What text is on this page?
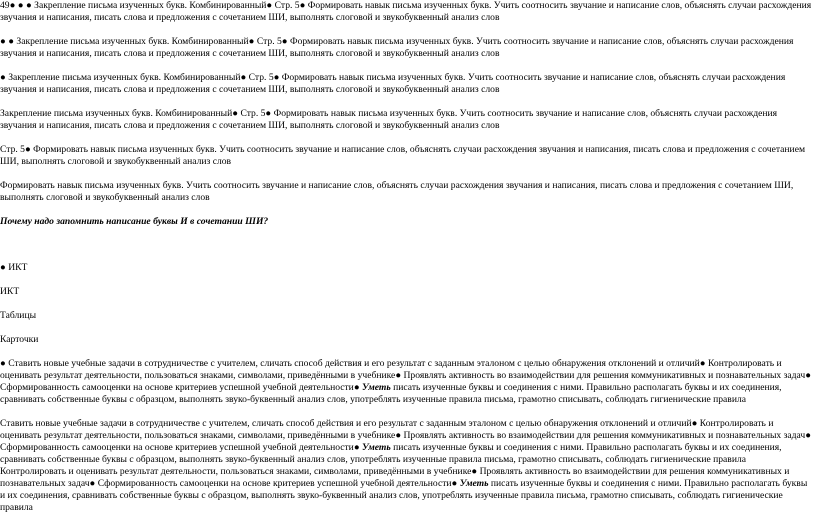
49● ● ● Закрепление письма изученных букв. Комбинированный● Стр. 5● Формировать навык письма изученных букв. Учить соотносить звучание и написание слов, объяснять случаи расхождения звучания и написания, писать слова и предложения с сочетанием ШИ, выполнять слоговой и звукобуквенный анализ слов

● ● Закрепление письма изученных букв. Комбинированный● Стр. 5● Формировать навык письма изученных букв. Учить соотносить звучание и написание слов, объяснять случаи расхождения звучания и написания, писать слова и предложения с сочетанием ШИ, выполнять слоговой и звукобуквенный анализ слов

● Закрепление письма изученных букв. Комбинированный● Стр. 5● Формировать навык письма изученных букв. Учить соотносить звучание и написание слов, объяснять случаи расхождения звучания и написания, писать слова и предложения с сочетанием ШИ, выполнять слоговой и звукобуквенный анализ слов

Закрепление письма изученных букв. Комбинированный● Стр. 5● Формировать навык письма изученных букв. Учить соотносить звучание и написание слов, объяснять случаи расхождения звучания и написания, писать слова и предложения с сочетанием ШИ, выполнять слоговой и звукобуквенный анализ слов

Стр. 5● Формировать навык письма изученных букв. Учить соотносить звучание и написание слов, объяснять случаи расхождения звучания и написания, писать слова и предложения с сочетанием ШИ, выполнять слоговой и звукобуквенный анализ слов

Формировать навык письма изученных букв. Учить соотносить звучание и написание слов, объяснять случаи расхождения звучания и написания, писать слова и предложения с сочетанием ШИ, выполнять слоговой и звукобуквенный анализ слов

Почему надо запомнить написание буквы И в сочетании ШИ?

● ИКТ

ИКТ

Таблицы

Карточки

● Ставить новые учебные задачи в сотрудничестве с учителем, сличать способ действия и его результат с заданным эталоном с целью обнаружения отклонений и отличий● Контролировать и оценивать результат деятельности, пользоваться знаками, символами, приведёнными в учебнике● Проявлять активность во взаимодействии для решения коммуникативных и познавательных задач● Сформированность самооценки на основе критериев успешной учебной деятельности● Уметь писать изученные буквы и соединения с ними. Правильно располагать буквы и их соединения, сравнивать собственные буквы с образцом, выполнять звуко-буквенный анализ слов, употреблять изученные правила письма, грамотно списывать, соблюдать гигиенические правила

Ставить новые учебные задачи в сотрудничестве с учителем, сличать способ действия и его результат с заданным эталоном с целью обнаружения отклонений и отличий● Контролировать и оценивать результат деятельности, пользоваться знаками, символами, приведёнными в учебнике● Проявлять активность во взаимодействии для решения коммуникативных и познавательных задач● Сформированность самооценки на основе критериев успешной учебной деятельности● Уметь писать изученные буквы и соединения с ними. Правильно располагать буквы и их соединения, сравнивать собственные буквы с образцом, выполнять звуко-буквенный анализ слов, употреблять изученные правила письма, грамотно списывать, соблюдать гигиенические правила

Контролировать и оценивать результат деятельности, пользоваться знаками, символами, приведёнными в учебнике● Проявлять активность во взаимодействии для решения коммуникативных и познавательных задач● Сформированность самооценки на основе критериев успешной учебной деятельности● Уметь писать изученные буквы и соединения с ними. Правильно располагать буквы и их соединения, сравнивать собственные буквы с образцом, выполнять звуко-буквенный анализ слов, употреблять изученные правила письма, грамотно списывать, соблюдать гигиенические правила
